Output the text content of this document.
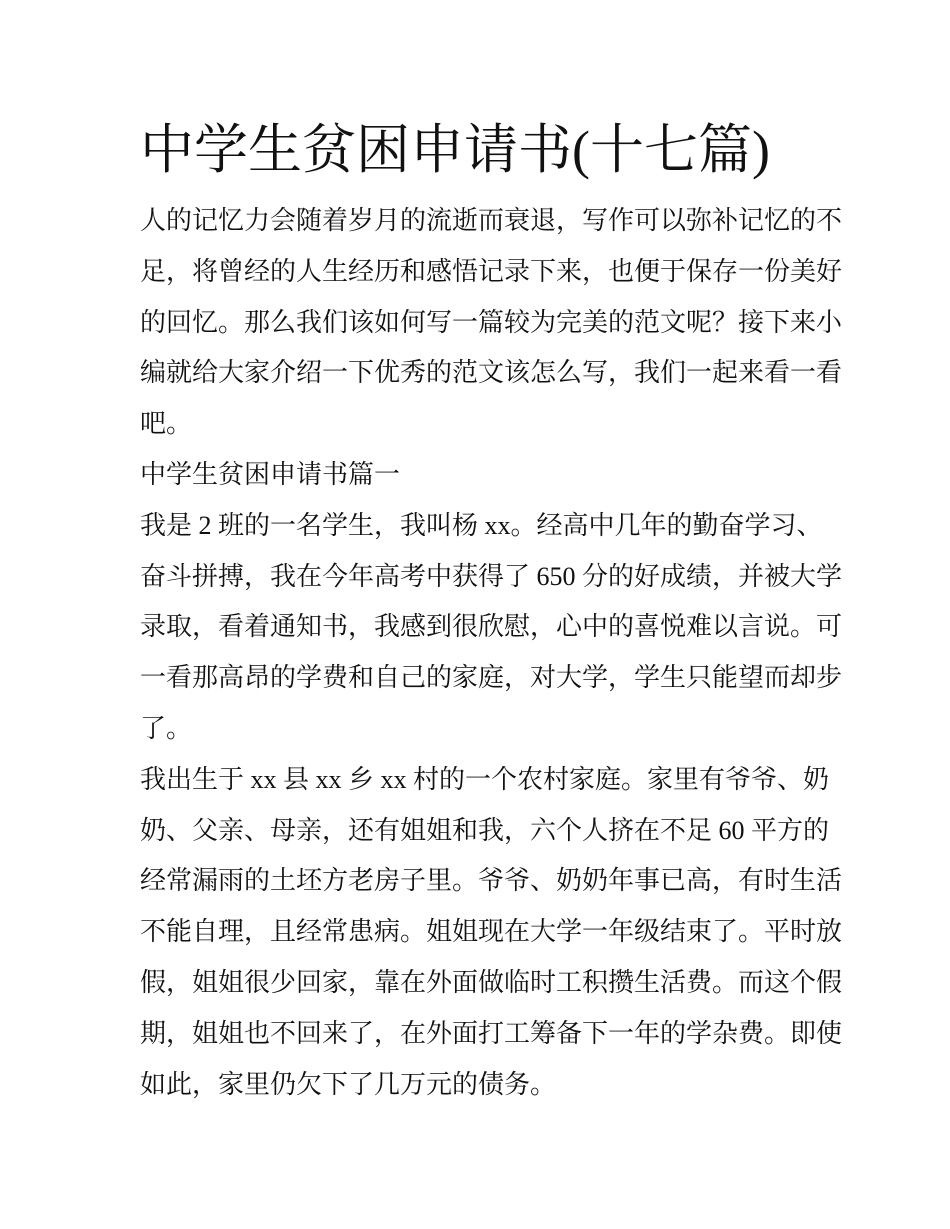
中学生贫困申请书(十七篇)
人的记忆力会随着岁月的流逝而衰退，写作可以弥补记忆的不
足，将曾经的人生经历和感悟记录下来，也便于保存一份美好
的回忆。那么我们该如何写一篇较为完美的范文呢？接下来小
编就给大家介绍一下优秀的范文该怎么写，我们一起来看一看
吧。
中学生贫困申请书篇一
我是 2 班的一名学生，我叫杨 xx。经高中几年的勤奋学习、
奋斗拼搏，我在今年高考中获得了 650 分的好成绩，并被大学
录取，看着通知书，我感到很欣慰，心中的喜悦难以言说。可
一看那高昂的学费和自己的家庭，对大学，学生只能望而却步
了。
我出生于 xx 县 xx 乡 xx 村的一个农村家庭。家里有爷爷、奶
奶、父亲、母亲，还有姐姐和我，六个人挤在不足 60 平方的
经常漏雨的土坯方老房子里。爷爷、奶奶年事已高，有时生活
不能自理，且经常患病。姐姐现在大学一年级结束了。平时放
假，姐姐很少回家，靠在外面做临时工积攒生活费。而这个假
期，姐姐也不回来了，在外面打工筹备下一年的学杂费。即使
如此，家里仍欠下了几万元的债务。
